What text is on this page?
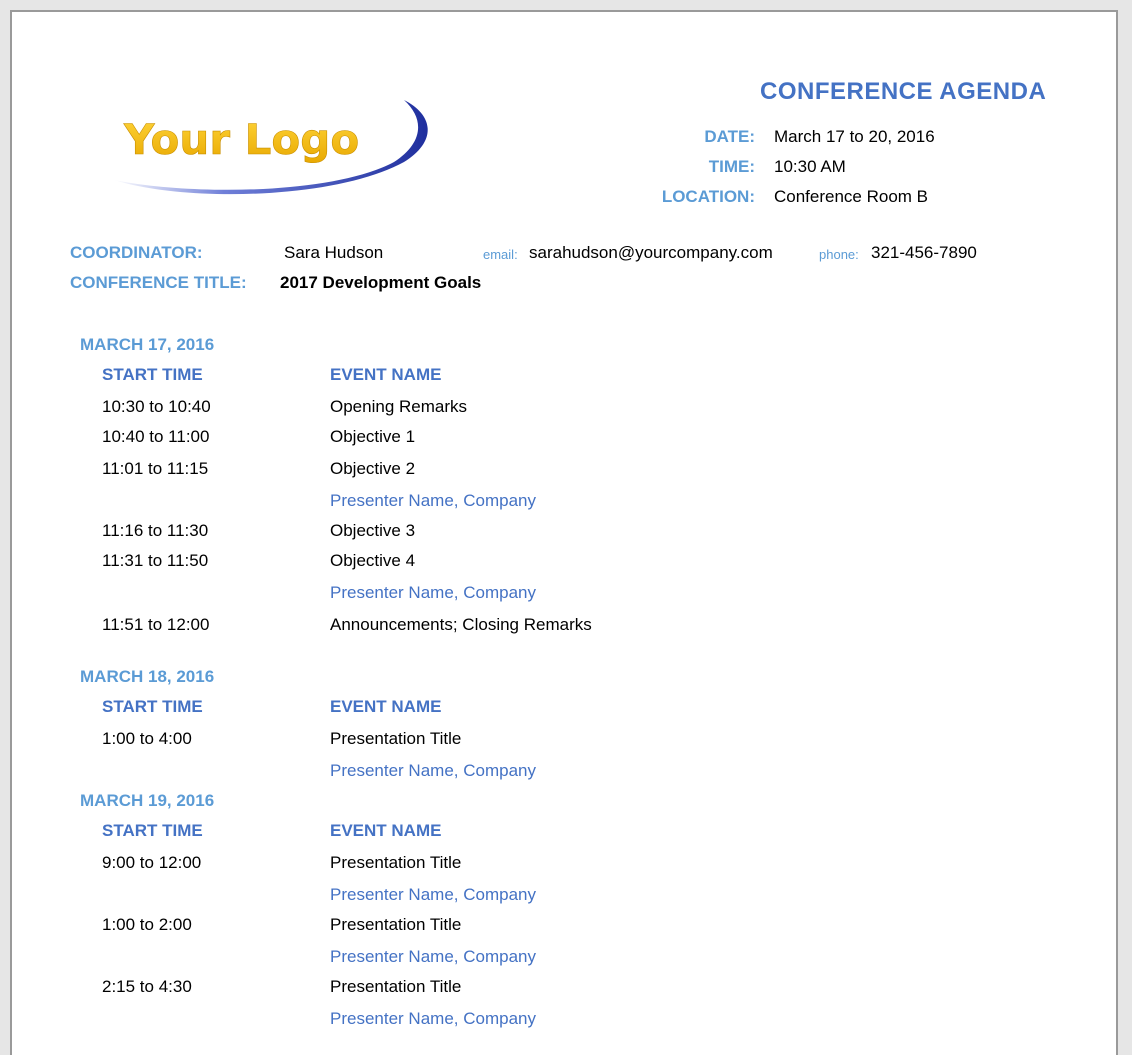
Your Logo
CONFERENCE AGENDA
DATE: March 17 to 20, 2016
TIME: 10:30 AM
LOCATION: Conference Room B
COORDINATOR:	Sara Hudson	email: sarahudson@yourcompany.com	phone: 321-456-7890
CONFERENCE TITLE: 2017 Development Goals
MARCH 17, 2016
START TIME	EVENT NAME
10:30 to 10:40	Opening Remarks
10:40 to 11:00	Objective 1
11:01 to 11:15	Objective 2
Presenter Name, Company
11:16 to 11:30	Objective 3
11:31 to 11:50	Objective 4
Presenter Name, Company
11:51 to 12:00	Announcements; Closing Remarks
MARCH 18, 2016
START TIME	EVENT NAME
1:00 to 4:00	Presentation Title
Presenter Name, Company
MARCH 19, 2016
START TIME	EVENT NAME
9:00 to 12:00	Presentation Title
Presenter Name, Company
1:00 to 2:00	Presentation Title
Presenter Name, Company
2:15 to 4:30	Presentation Title
Presenter Name, Company
